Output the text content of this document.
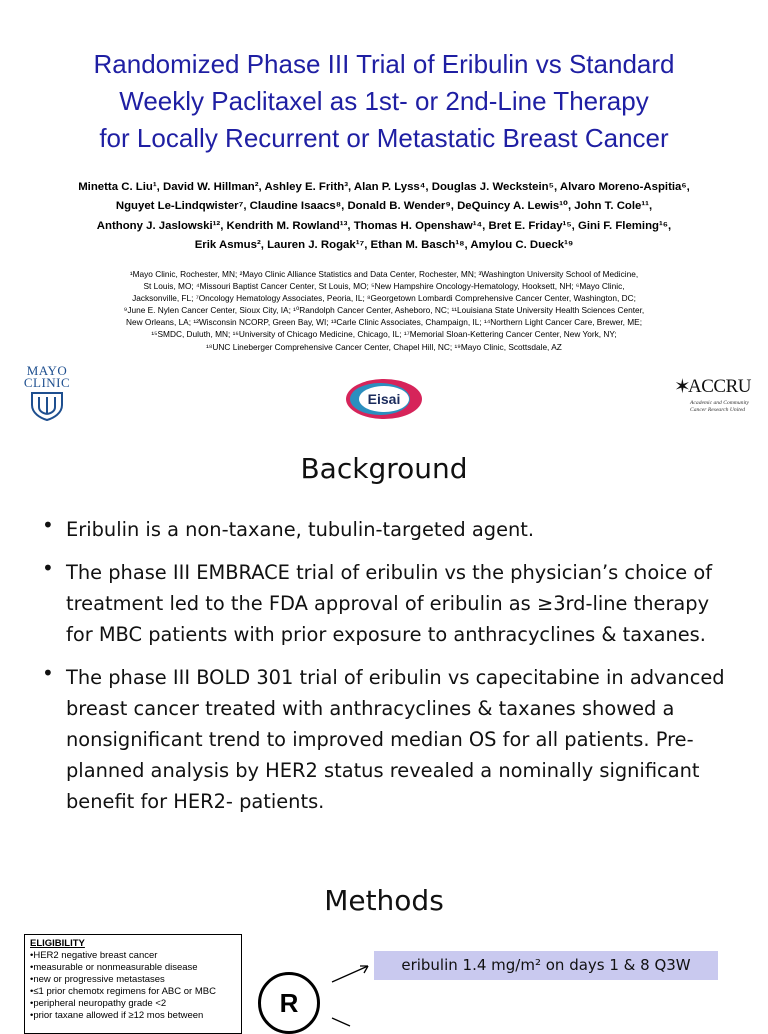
Randomized Phase III Trial of Eribulin vs Standard
Weekly Paclitaxel as 1st- or 2nd-Line Therapy
for Locally Recurrent or Metastatic Breast Cancer
Minetta C. Liu¹, David W. Hillman², Ashley E. Frith³, Alan P. Lyss⁴, Douglas J. Weckstein⁵, Alvaro Moreno-Aspitia⁶,
Nguyet Le-Lindqwister⁷, Claudine Isaacs⁸, Donald B. Wender⁹, DeQuincy A. Lewis¹⁰, John T. Cole¹¹,
Anthony J. Jaslowski¹², Kendrith M. Rowland¹³, Thomas H. Openshaw¹⁴, Bret E. Friday¹⁵, Gini F. Fleming¹⁶,
Erik Asmus², Lauren J. Rogak¹⁷, Ethan M. Basch¹⁸, Amylou C. Dueck¹⁹
¹Mayo Clinic, Rochester, MN; ²Mayo Clinic Alliance Statistics and Data Center, Rochester, MN; ³Washington University School of Medicine,
St Louis, MO; ⁴Missouri Baptist Cancer Center, St Louis, MO; ⁵New Hampshire Oncology-Hematology, Hooksett, NH; ⁶Mayo Clinic,
Jacksonville, FL; ⁷Oncology Hematology Associates, Peoria, IL; ⁸Georgetown Lombardi Comprehensive Cancer Center, Washington, DC;
⁹June E. Nylen Cancer Center, Sioux City, IA; ¹⁰Randolph Cancer Center, Asheboro, NC; ¹¹Louisiana State University Health Sciences Center,
New Orleans, LA; ¹²Wisconsin NCORP, Green Bay, WI; ¹³Carle Clinic Associates, Champaign, IL; ¹⁴Northern Light Cancer Care, Brewer, ME;
¹⁵SMDC, Duluth, MN; ¹⁶University of Chicago Medicine, Chicago, IL; ¹⁷Memorial Sloan-Kettering Cancer Center, New York, NY;
¹⁸UNC Lineberger Comprehensive Cancer Center, Chapel Hill, NC; ¹⁹Mayo Clinic, Scottsdale, AZ
MAYO
CLINIC
Eisai
✶
ACCRU
Academic and Community Cancer Research United
Background
• Eribulin is a non-taxane, tubulin-targeted agent.
• The phase III EMBRACE trial of eribulin vs the physician’s choice of treatment led to the FDA approval of eribulin as ≥3rd-line therapy for MBC patients with prior exposure to anthracyclines & taxanes.
• The phase III BOLD 301 trial of eribulin vs capecitabine in advanced breast cancer treated with anthracyclines & taxanes showed a nonsignificant trend to improved median OS for all patients. Pre-planned analysis by HER2 status revealed a nominally significant benefit for HER2- patients.
Methods
ELIGIBILITY
• HER2 negative breast cancer
• measurable or nonmeasurable disease
• new or progressive metastases
• ≤1 prior chemotx regimens for ABC or MBC
• peripheral neuropathy grade <2
• prior taxane allowed if ≥12 mos between	R
eribulin 1.4 mg/m² on days 1 & 8 Q3W
